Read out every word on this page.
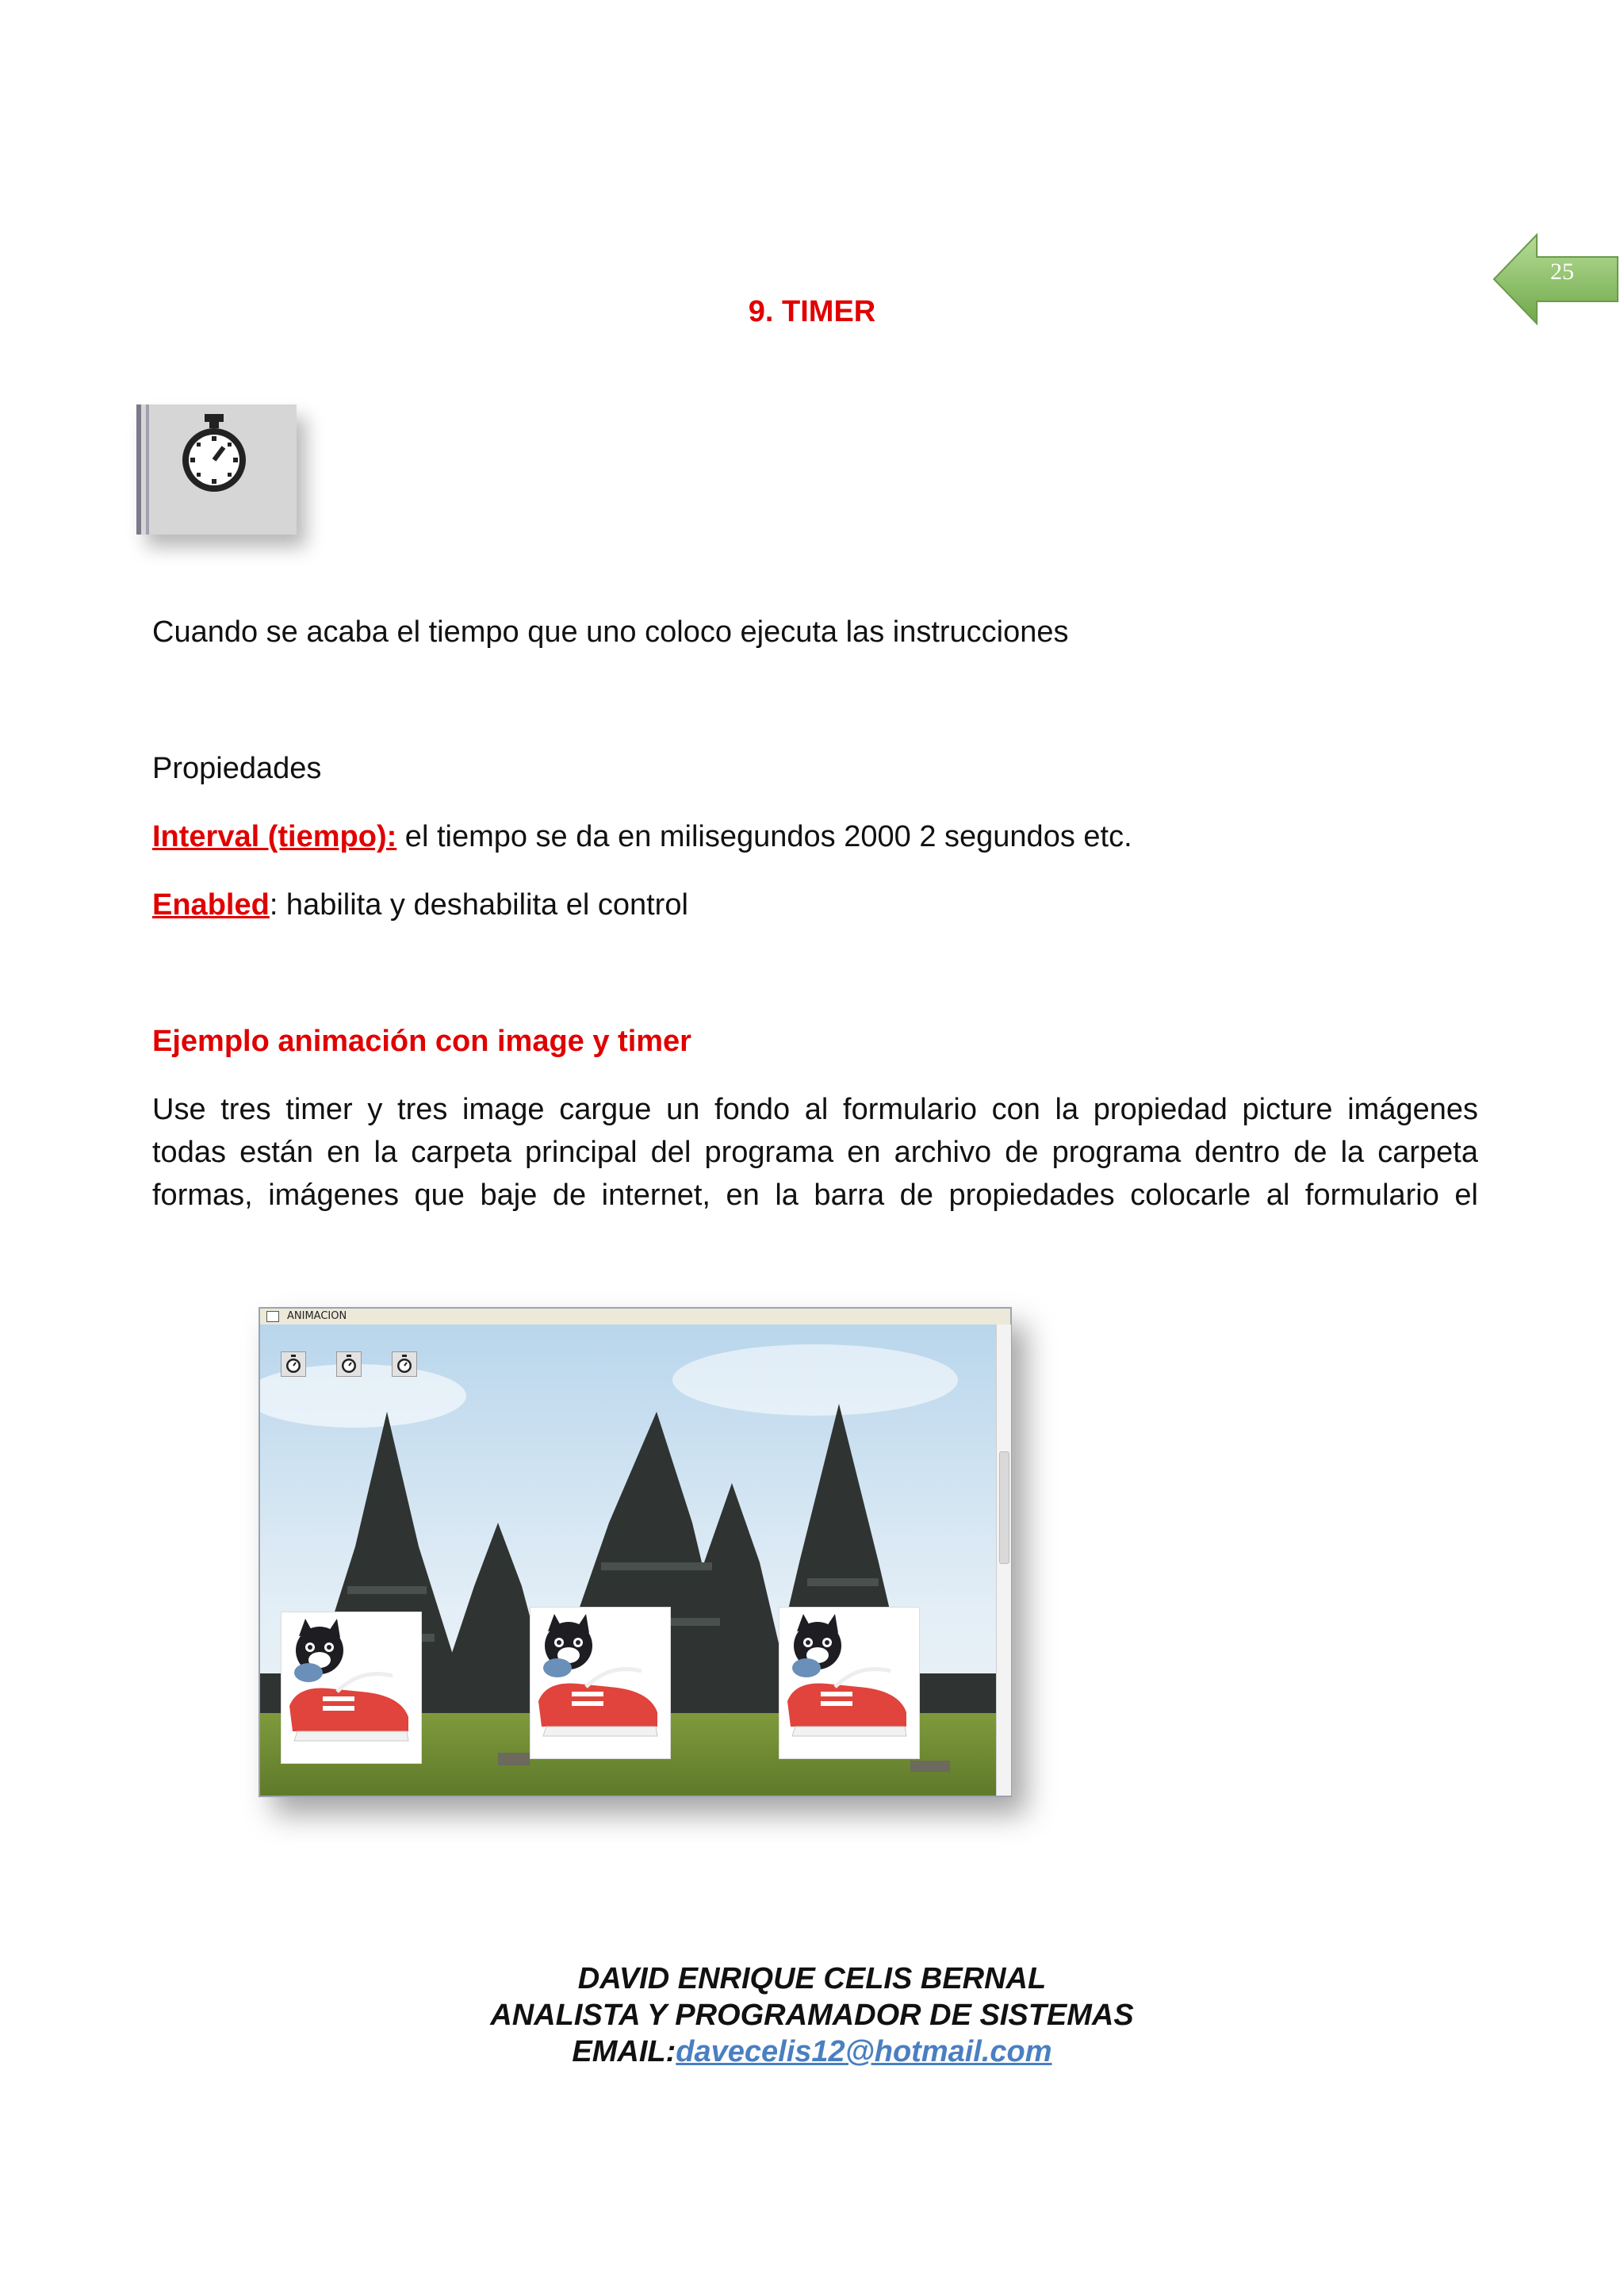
25
9. TIMER
Cuando se acaba el tiempo que uno coloco ejecuta las instrucciones
Propiedades
Interval (tiempo): el tiempo se da en milisegundos 2000 2 segundos etc.
Enabled: habilita y deshabilita el control
Ejemplo animación con image y timer
Use tres timer y tres image cargue un fondo al formulario con la propiedad picture imágenes
todas están en la carpeta principal del programa en archivo de programa dentro de la carpeta
formas, imágenes que baje de internet, en la barra de propiedades colocarle al formulario el
ANIMACION
DAVID ENRIQUE CELIS BERNAL
ANALISTA Y PROGRAMADOR DE SISTEMAS
EMAIL:davecelis12@hotmail.com
